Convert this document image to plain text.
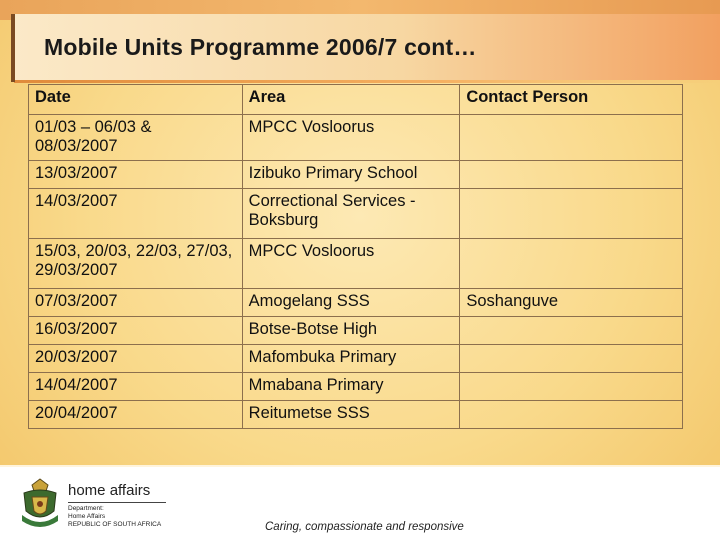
Mobile Units Programme 2006/7 cont…
Date	Area	Contact Person
01/03 – 06/03 & 08/03/2007	MPCC Vosloorus	
13/03/2007	Izibuko Primary School	
14/03/2007	Correctional Services - Boksburg	
15/03, 20/03, 22/03, 27/03, 29/03/2007	MPCC Vosloorus	
07/03/2007	Amogelang SSS	Soshanguve
16/03/2007	Botse-Botse High	
20/03/2007	Mafombuka Primary	
14/04/2007	Mmabana Primary	
20/04/2007	Reitumetse SSS	
home affairs
Department:
Home Affairs
REPUBLIC OF SOUTH AFRICA	Caring, compassionate and responsive
